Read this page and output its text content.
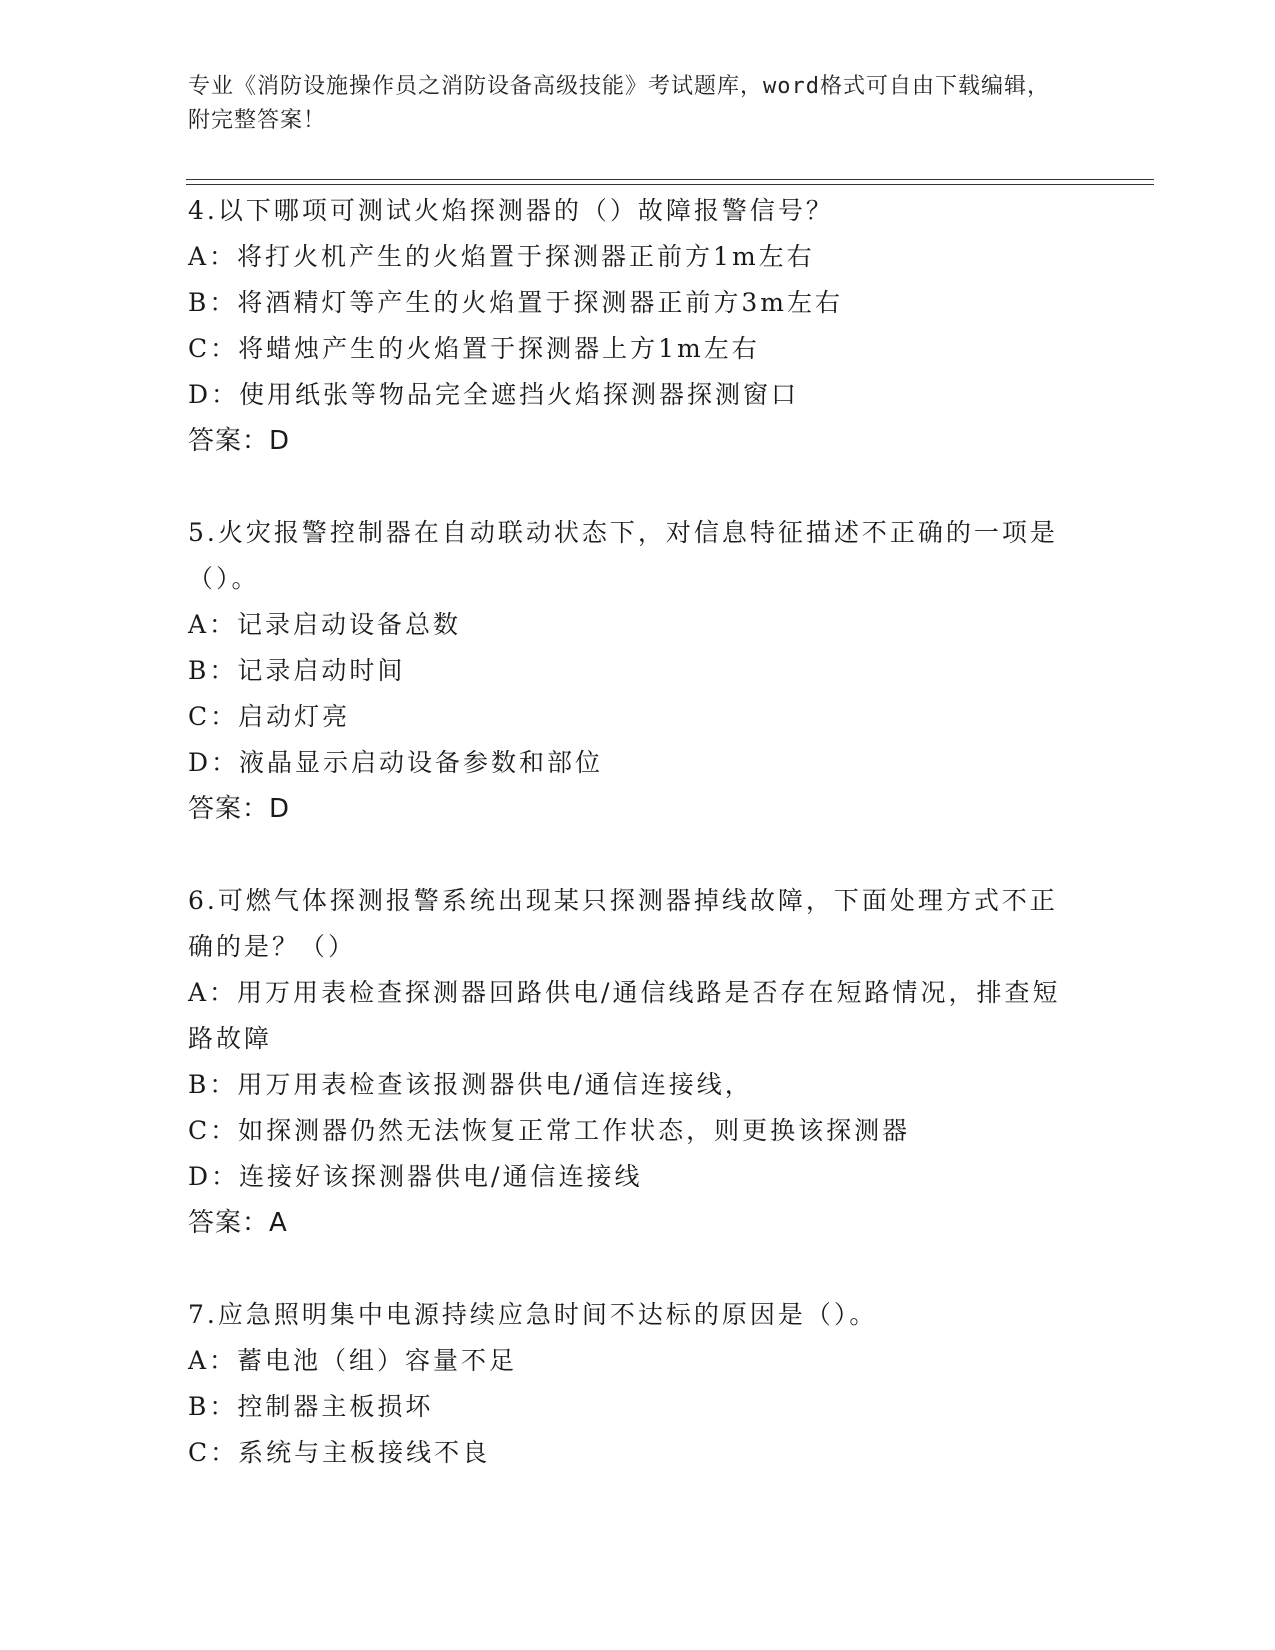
专业《消防设施操作员之消防设备高级技能》考试题库，word格式可自由下载编辑，附完整答案！
4.以下哪项可测试火焰探测器的（）故障报警信号？
A：将打火机产生的火焰置于探测器正前方1m左右
B：将酒精灯等产生的火焰置于探测器正前方3m左右
C：将蜡烛产生的火焰置于探测器上方1m左右
D：使用纸张等物品完全遮挡火焰探测器探测窗口
答案：D
5.火灾报警控制器在自动联动状态下，对信息特征描述不正确的一项是（）。
A：记录启动设备总数
B：记录启动时间
C：启动灯亮
D：液晶显示启动设备参数和部位
答案：D
6.可燃气体探测报警系统出现某只探测器掉线故障，下面处理方式不正确的是？（）
A：用万用表检查探测器回路供电/通信线路是否存在短路情况，排查短路故障
B：用万用表检查该报测器供电/通信连接线，
C：如探测器仍然无法恢复正常工作状态，则更换该探测器
D：连接好该探测器供电/通信连接线
答案：A
7.应急照明集中电源持续应急时间不达标的原因是（）。
A：蓄电池（组）容量不足
B：控制器主板损坏
C：系统与主板接线不良
